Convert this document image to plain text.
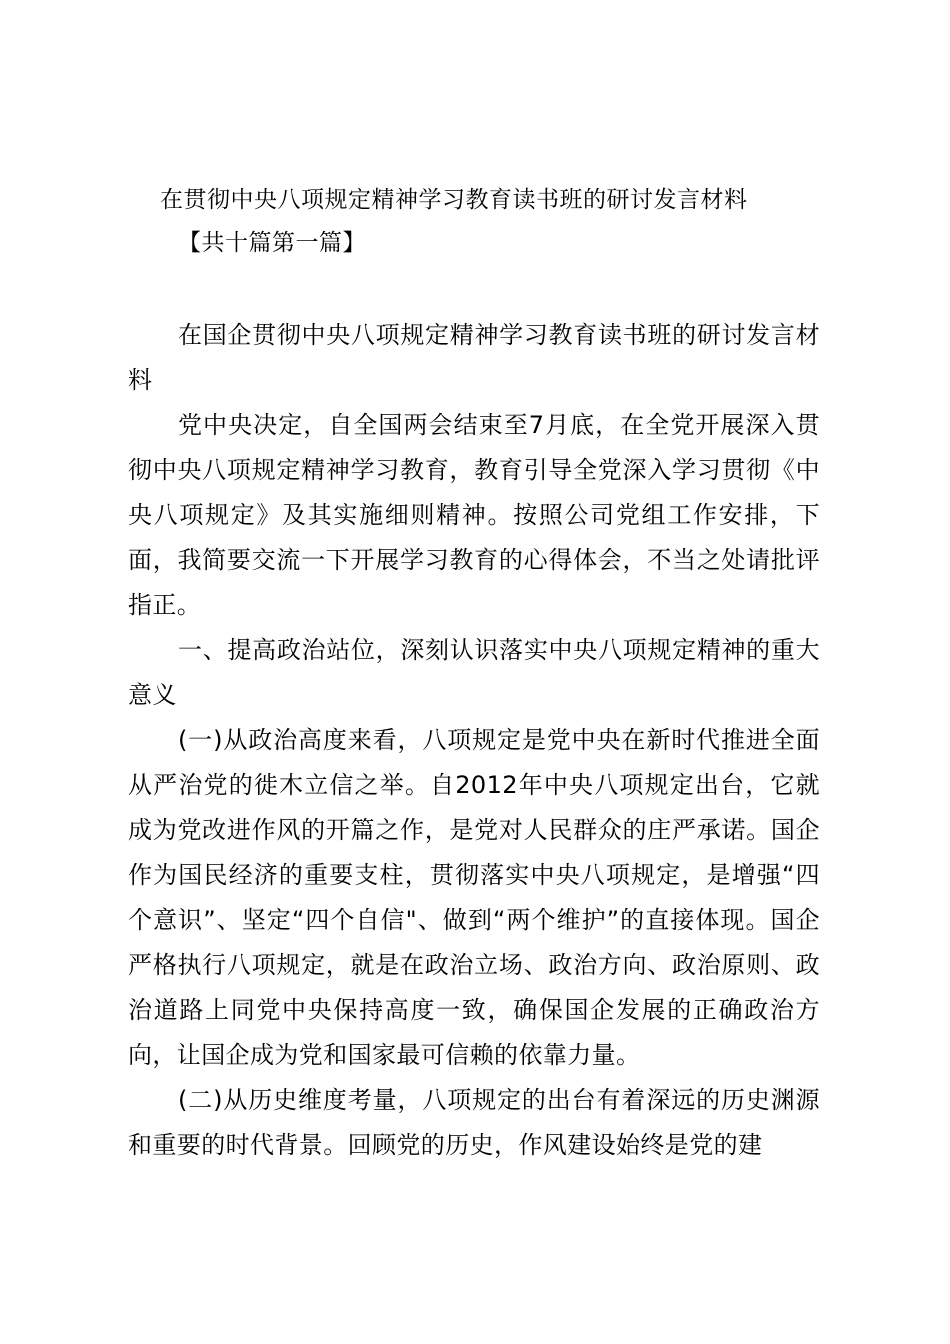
在贯彻中央八项规定精神学习教育读书班的研讨发言材料
【共十篇第一篇】

在国企贯彻中央八项规定精神学习教育读书班的研讨发言材料

党中央决定，自全国两会结束至7月底，在全党开展深入贯彻中央八项规定精神学习教育，教育引导全党深入学习贯彻《中央八项规定》及其实施细则精神。按照公司党组工作安排，下面，我简要交流一下开展学习教育的心得体会，不当之处请批评指正。

一、提高政治站位，深刻认识落实中央八项规定精神的重大意义

(一)从政治高度来看，八项规定是党中央在新时代推进全面从严治党的徙木立信之举。自2012年中央八项规定出台，它就成为党改进作风的开篇之作，是党对人民群众的庄严承诺。国企作为国民经济的重要支柱，贯彻落实中央八项规定，是增强“四个意识”、坚定“四个自信"、做到“两个维护”的直接体现。国企严格执行八项规定，就是在政治立场、政治方向、政治原则、政治道路上同党中央保持高度一致，确保国企发展的正确政治方向，让国企成为党和国家最可信赖的依靠力量。

(二)从历史维度考量，八项规定的出台有着深远的历史渊源和重要的时代背景。回顾党的历史，作风建设始终是党的建
